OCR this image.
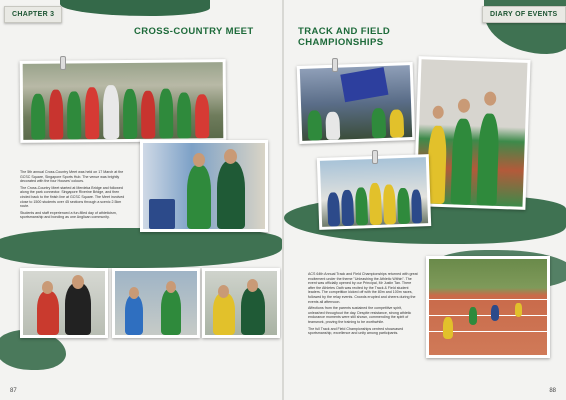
CHAPTER 3
CROSS-COUNTRY MEET

The 5th annual Cross-Country Meet was held on 17 March at the GCSC Square, Singapore Sports Hub. The venue was brightly decorated with the four Houses' colours.

The Cross-Country Meet started at Merdeka Bridge and followed along the park connector. Singapore Riverine Bridge, and then circled back to the finish line at GCSC Square. The Meet involved close to 1500 students over 45 sections through a scenic 2.5km route.

Students and staff experienced a fun-filled day of athleticism, sportsmanship and bonding as one Anglican community.

87
DIARY OF EVENTS
TRACK AND FIELD
CHAMPIONSHIPS

ACS 64th Annual Track and Field Championships returned with great excitement under the theme "Unleashing the Athletic Within". The event was officially opened by our Principal, Mr Justin Tan. There after the Athletes Oath was recited by the Track & Field student leaders. The competition kicked off with the 80m and 100m races, followed by the relay events. Crowds erupted and cheers during the events all afternoon.

Affections from the parents sustained the competitive spirit, unleashed throughout the day. Despite resistance, strong athletic endurance moments were still shown, commending the spirit of teamwork, proving the training to be worthwhile.

The full Track and Field Championships centred showcased sportsmanship, excellence and unity among participants.

88
